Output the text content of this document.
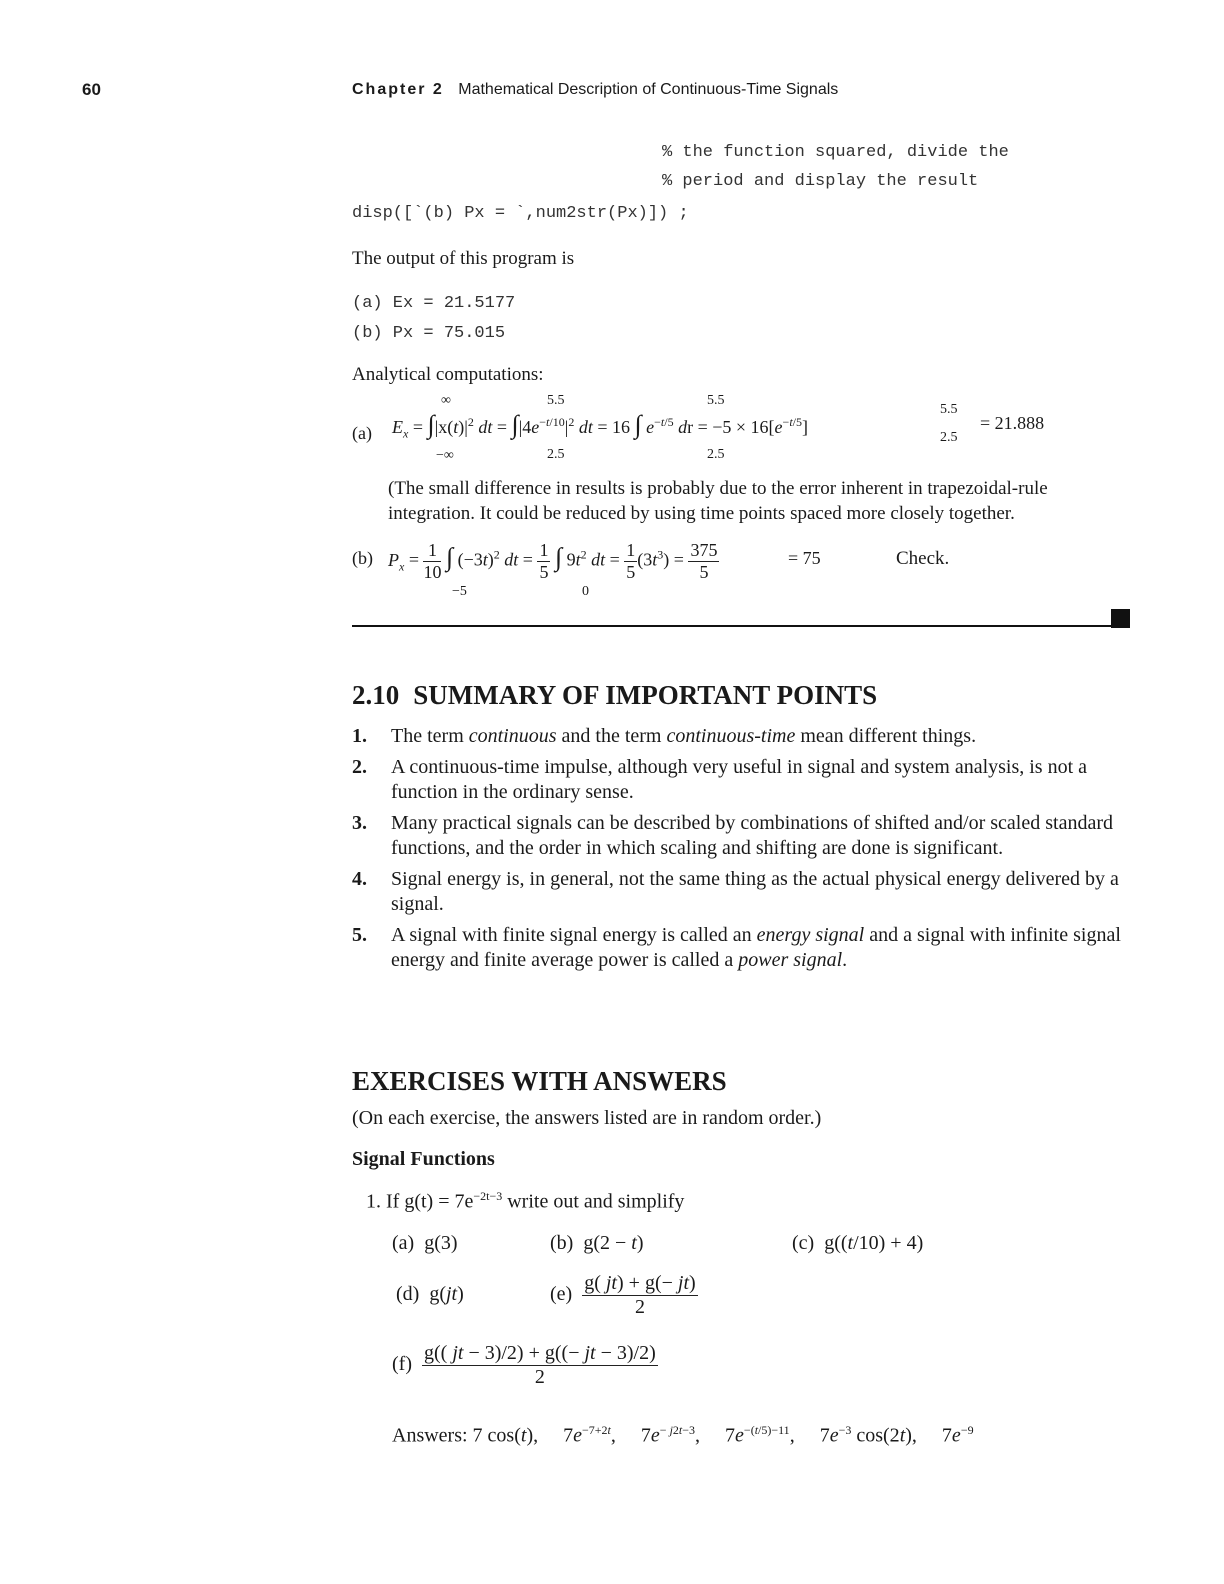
60	Chapter 2 Mathematical Description of Continuous-Time Signals
% the function squared, divide the
% period and display the result
disp([`(b) Px = `,num2str(Px)]) ;
The output of this program is
(a) Ex = 21.5177
(b) Px = 75.015
Analytical computations:
(a) $E_x = \int|x(t)|^2$ dt = $\int|4e^{-t/10}|^2$ dt = 16 ∫ $e^{-t/5}$ dr = $-5 \times 16[e^{-t/5}]$	= 21.888
∞
−∞
5.5
2.5
5.5
2.5
5.5
2.5
(The small difference in results is probably due to the error inherent in trapezoidal-rule
integration. It could be reduced by using time points spaced more closely together.
(b) $P_x = \frac{1}{10}$ ∫ $(-3t)^2$ dt = $\frac{1}{5}$ ∫ $9t^2$ dt = $\frac{1}{5} (3t^3) = \frac{375}{5}$	= 75	Check.
−5	0
2.10 SUMMARY OF IMPORTANT POINTS
1.	The term continuous and the term continuous-time mean different things.
2.	A continuous-time impulse, although very useful in signal and system analysis, is not a function in the ordinary sense.
3.	Many practical signals can be described by combinations of shifted and/or scaled standard functions, and the order in which scaling and shifting are done is significant.
4.	Signal energy is, in general, not the same thing as the actual physical energy delivered by a signal.
5.	A signal with finite signal energy is called an energy signal and a signal with infinite signal energy and finite average power is called a power signal.
EXERCISES WITH ANSWERS
(On each exercise, the answers listed are in random order.)
Signal Functions
1. If $g(t) = 7e^{-2t-3}$ write out and simplify
(a)  g(3)	(b)  g(2 − t)	(c)  g((t/10) + 4)
(d)  g(jt)	$(e) \frac{g( jt) + g(- jt)}{2}$
$(f) \frac{g(( jt - 3)/2) + g((- jt - 3)/2)}{2}$
Answers: 7 cos(t),     $7e^{-7+2t}$,     $7e^{- j2t-3}$,     $7e^{-(t/5)-11}$,     $7e^{-3}$ cos(2t),     $7e^{-9}$
